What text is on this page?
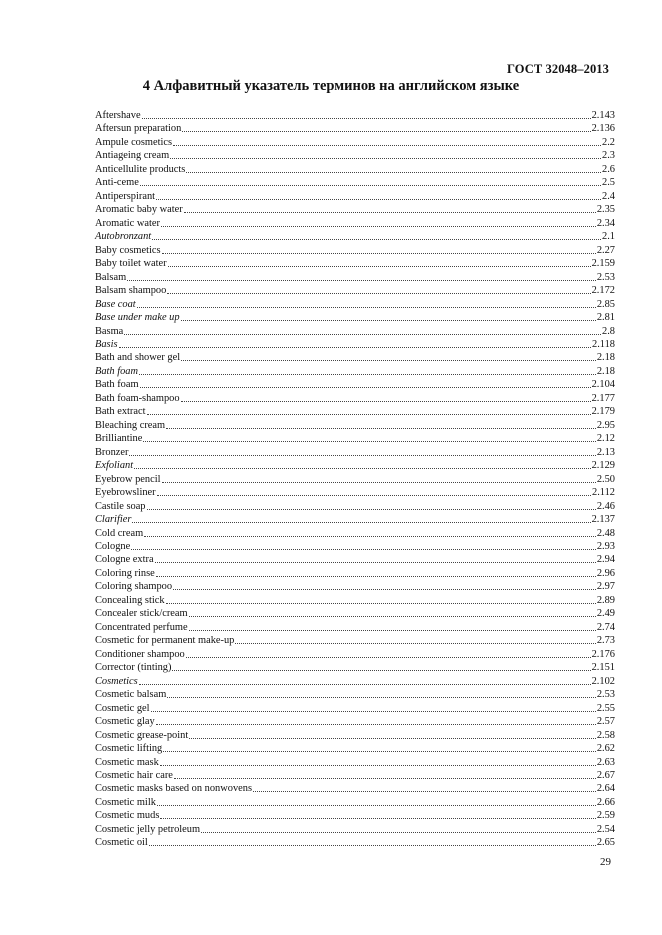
ГОСТ 32048–2013
4 Алфавитный указатель терминов на английском языке
Aftershave	2.143
Aftersun preparation	2.136
Ampule cosmetics	2.2
Antiageing cream	2.3
Anticellulite products	2.6
Anti-ceme	2.5
Antiperspirant	2.4
Aromatic baby water	2.35
Aromatic water	2.34
Autobronzant	2.1
Baby cosmetics	2.27
Baby toilet water	2.159
Balsam	2.53
Balsam shampoo	2.172
Base coat	2.85
Base under make up	2.81
Basma	2.8
Basis	2.118
Bath and shower gel	2.18
Bath foam	2.18
Bath foam	2.104
Bath foam-shampoo	2.177
Bath extract	2.179
Bleaching cream	2.95
Brilliantine	2.12
Bronzer	2.13
Exfoliant	2.129
Eyebrow pencil	2.50
Eyebrowsliner	2.112
Castile soap	2.46
Clarifier	2.137
Cold cream	2.48
Cologne	2.93
Cologne extra	2.94
Coloring rinse	2.96
Coloring shampoo	2.97
Concealing stick	2.89
Concealer stick/cream	2.49
Concentrated perfume	2.74
Cosmetic for permanent make-up	2.73
Conditioner shampoo	2.176
Corrector (tinting)	2.151
Cosmetics	2.102
Cosmetic balsam	2.53
Cosmetic gel	2.55
Cosmetic glay	2.57
Cosmetic grease-point	2.58
Cosmetic lifting	2.62
Cosmetic mask	2.63
Cosmetic hair care	2.67
Cosmetic masks based on nonwovens	2.64
Cosmetic milk	2.66
Cosmetic muds	2.59
Cosmetic jelly petroleum	2.54
Cosmetic oil	2.65
29
